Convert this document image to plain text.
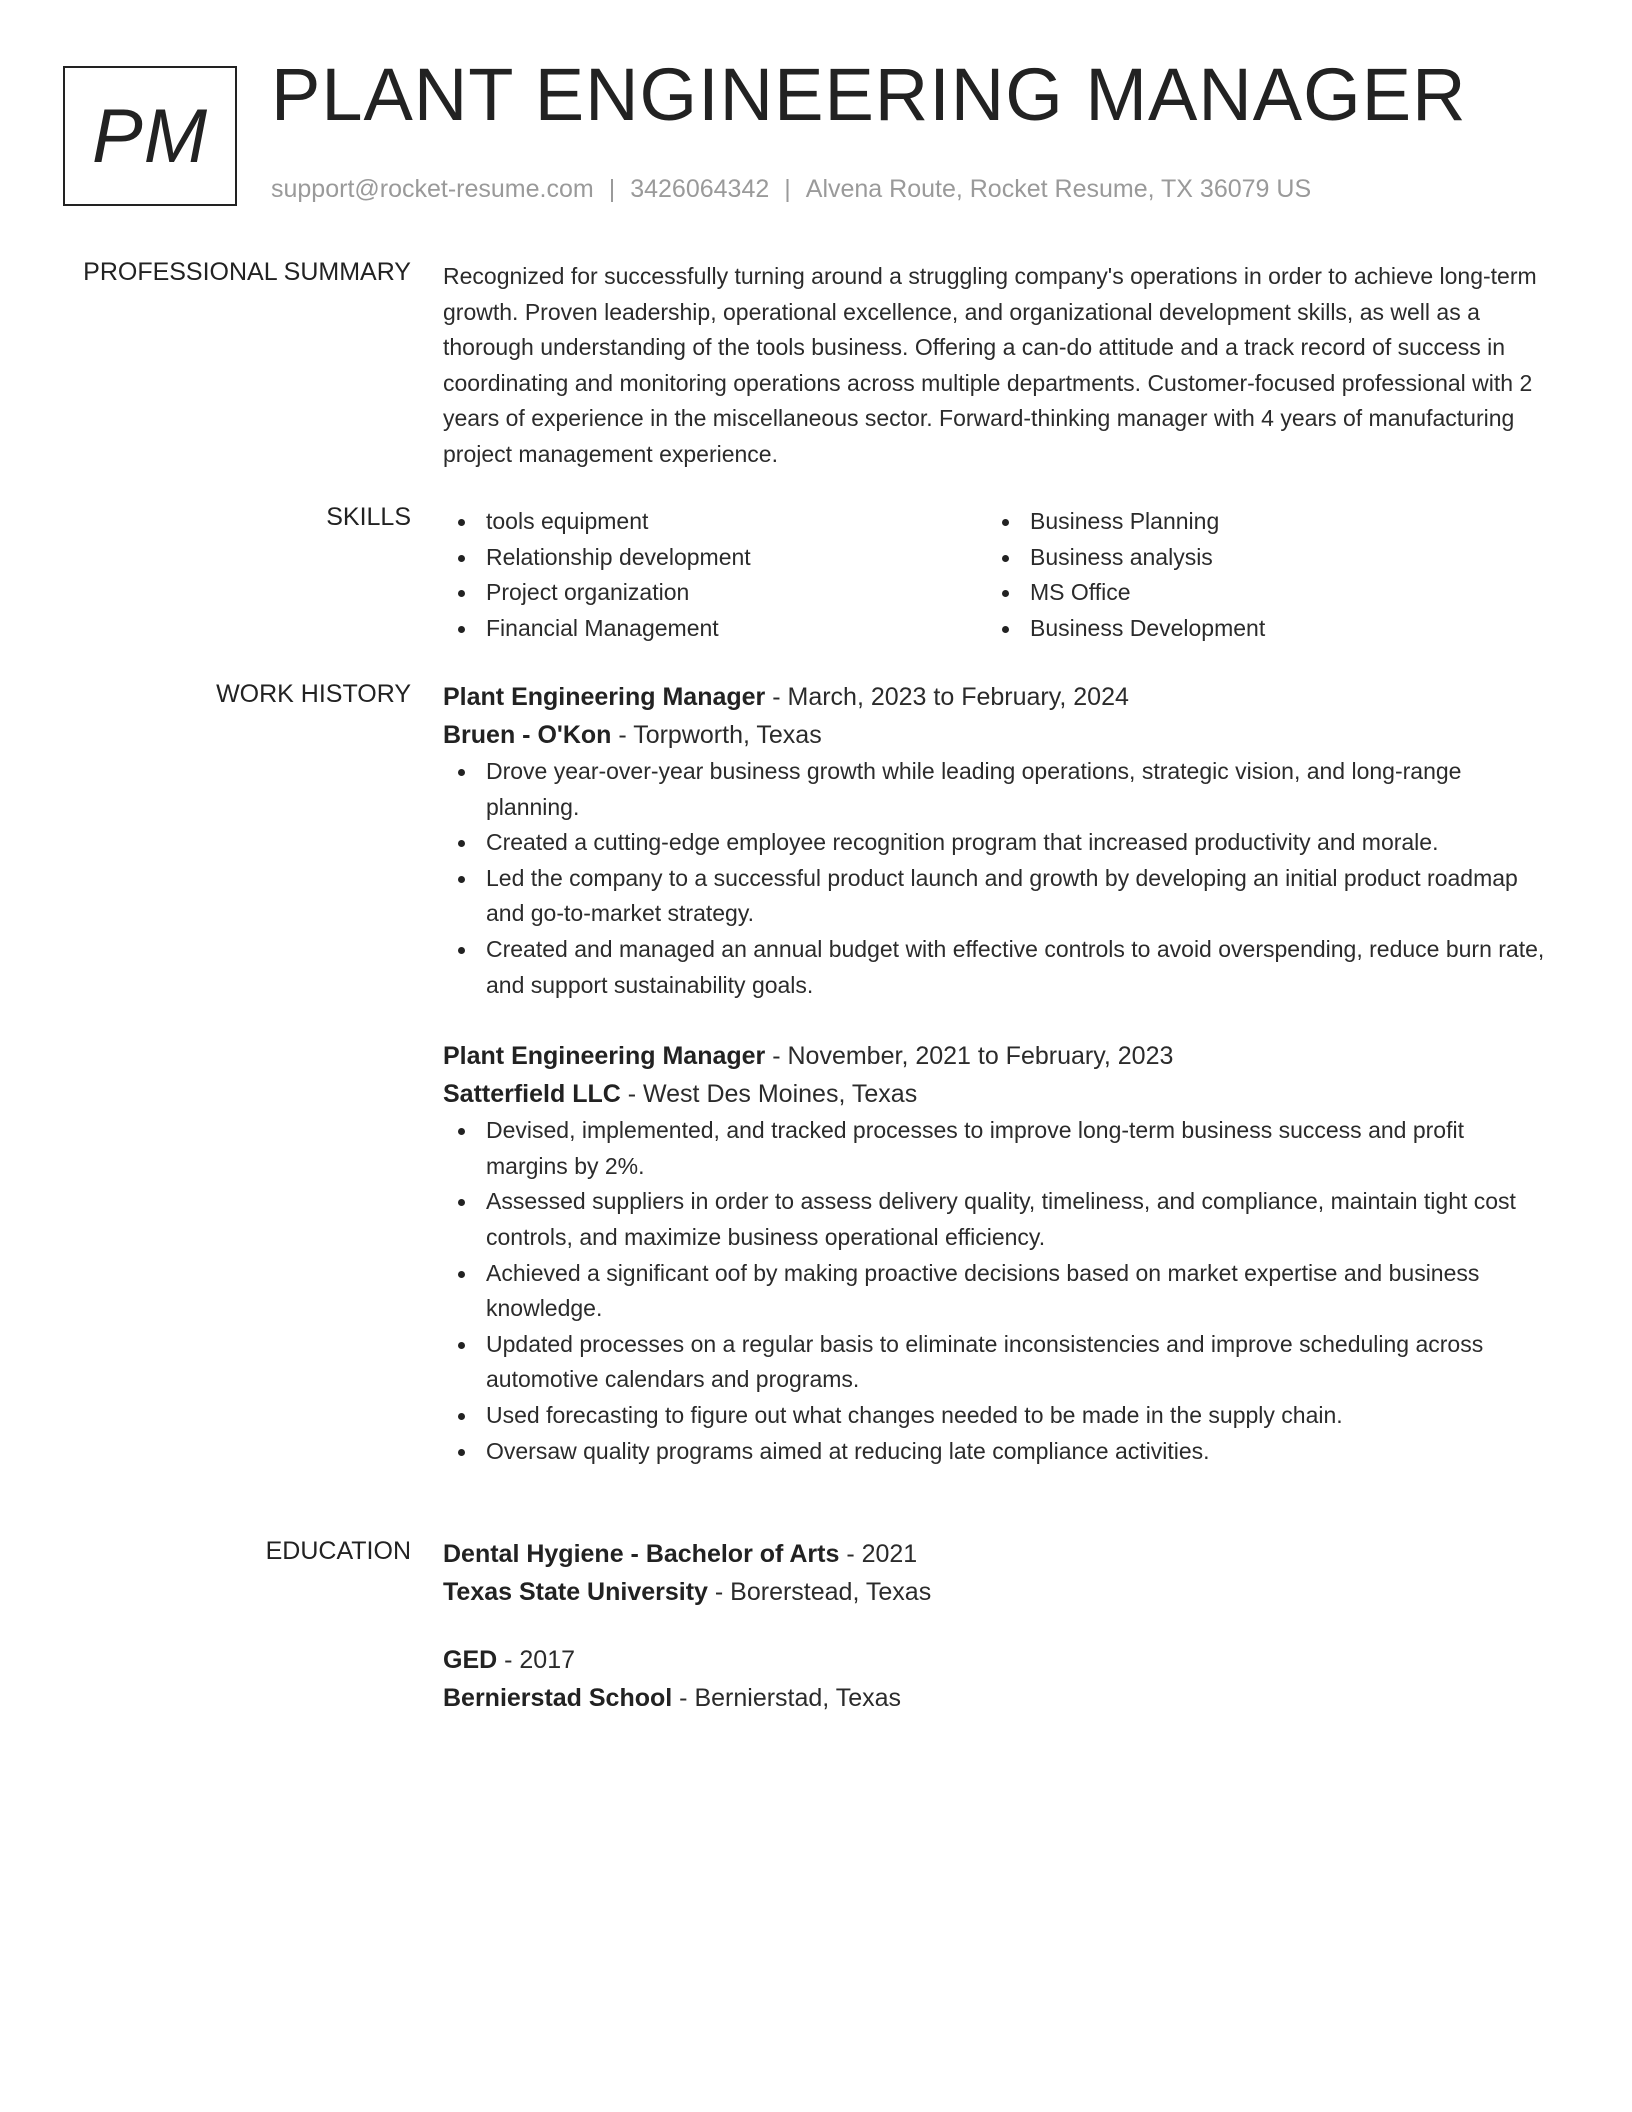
PM PLANT ENGINEERING MANAGER
support@rocket-resume.com | 3426064342 | Alvena Route, Rocket Resume, TX 36079 US
PROFESSIONAL SUMMARY Recognized for successfully turning around a struggling company's operations in order to achieve long-term growth. Proven leadership, operational excellence, and organizational development skills, as well as a thorough understanding of the tools business. Offering a can-do attitude and a track record of success in coordinating and monitoring operations across multiple departments. Customer-focused professional with 2 years of experience in the miscellaneous sector. Forward-thinking manager with 4 years of manufacturing project management experience.

SKILLS	tools equipment
Relationship development
Project organization
Financial Management
Business Planning
Business analysis
MS Office
Business Development
WORK HISTORY Plant Engineering Manager - March, 2023 to February, 2024
Bruen - O'Kon - Torpworth, Texas
Drove year-over-year business growth while leading operations, strategic vision, and long-range planning.
Created a cutting-edge employee recognition program that increased productivity and morale.
Led the company to a successful product launch and growth by developing an initial product roadmap and go-to-market strategy.
Created and managed an annual budget with effective controls to avoid overspending, reduce burn rate, and support sustainability goals.
Plant Engineering Manager - November, 2021 to February, 2023
Satterfield LLC - West Des Moines, Texas
Devised, implemented, and tracked processes to improve long-term business success and profit margins by 2%.
Assessed suppliers in order to assess delivery quality, timeliness, and compliance, maintain tight cost controls, and maximize business operational efficiency.
Achieved a significant oof by making proactive decisions based on market expertise and business knowledge.
Updated processes on a regular basis to eliminate inconsistencies and improve scheduling across automotive calendars and programs.
Used forecasting to figure out what changes needed to be made in the supply chain.
Oversaw quality programs aimed at reducing late compliance activities.
EDUCATION Dental Hygiene - Bachelor of Arts - 2021
Texas State University - Borerstead, Texas
GED - 2017
Bernierstad School - Bernierstad, Texas
